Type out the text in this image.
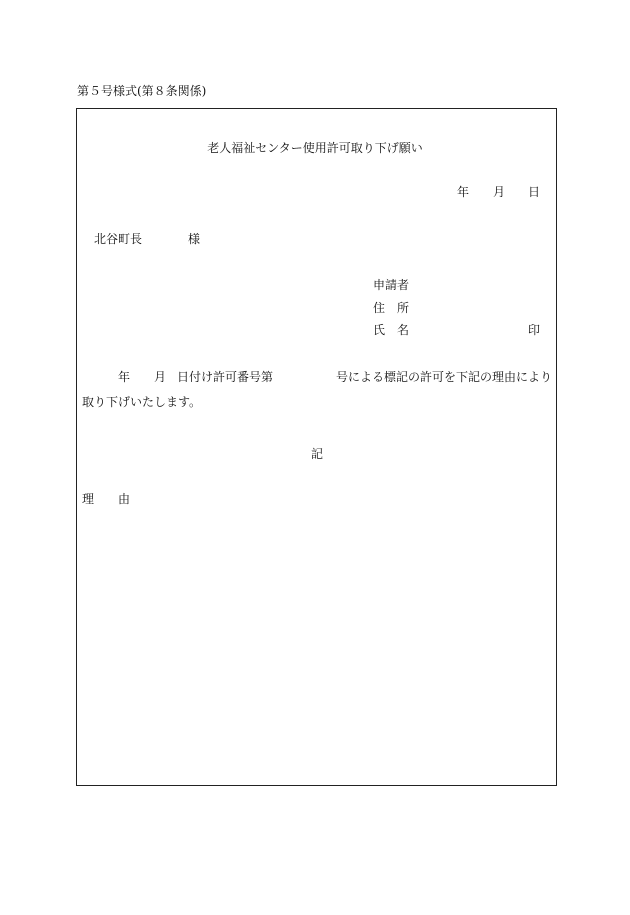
第５号様式(第８条関係)
老人福祉センター使用許可取り下げ願い
年 月 日
北谷町長	様
申請者
住　所
氏　名	印
年 月 日付け許可番号第	号による標記の許可を下記の理由により
取り下げいたします。
記
理　　由
